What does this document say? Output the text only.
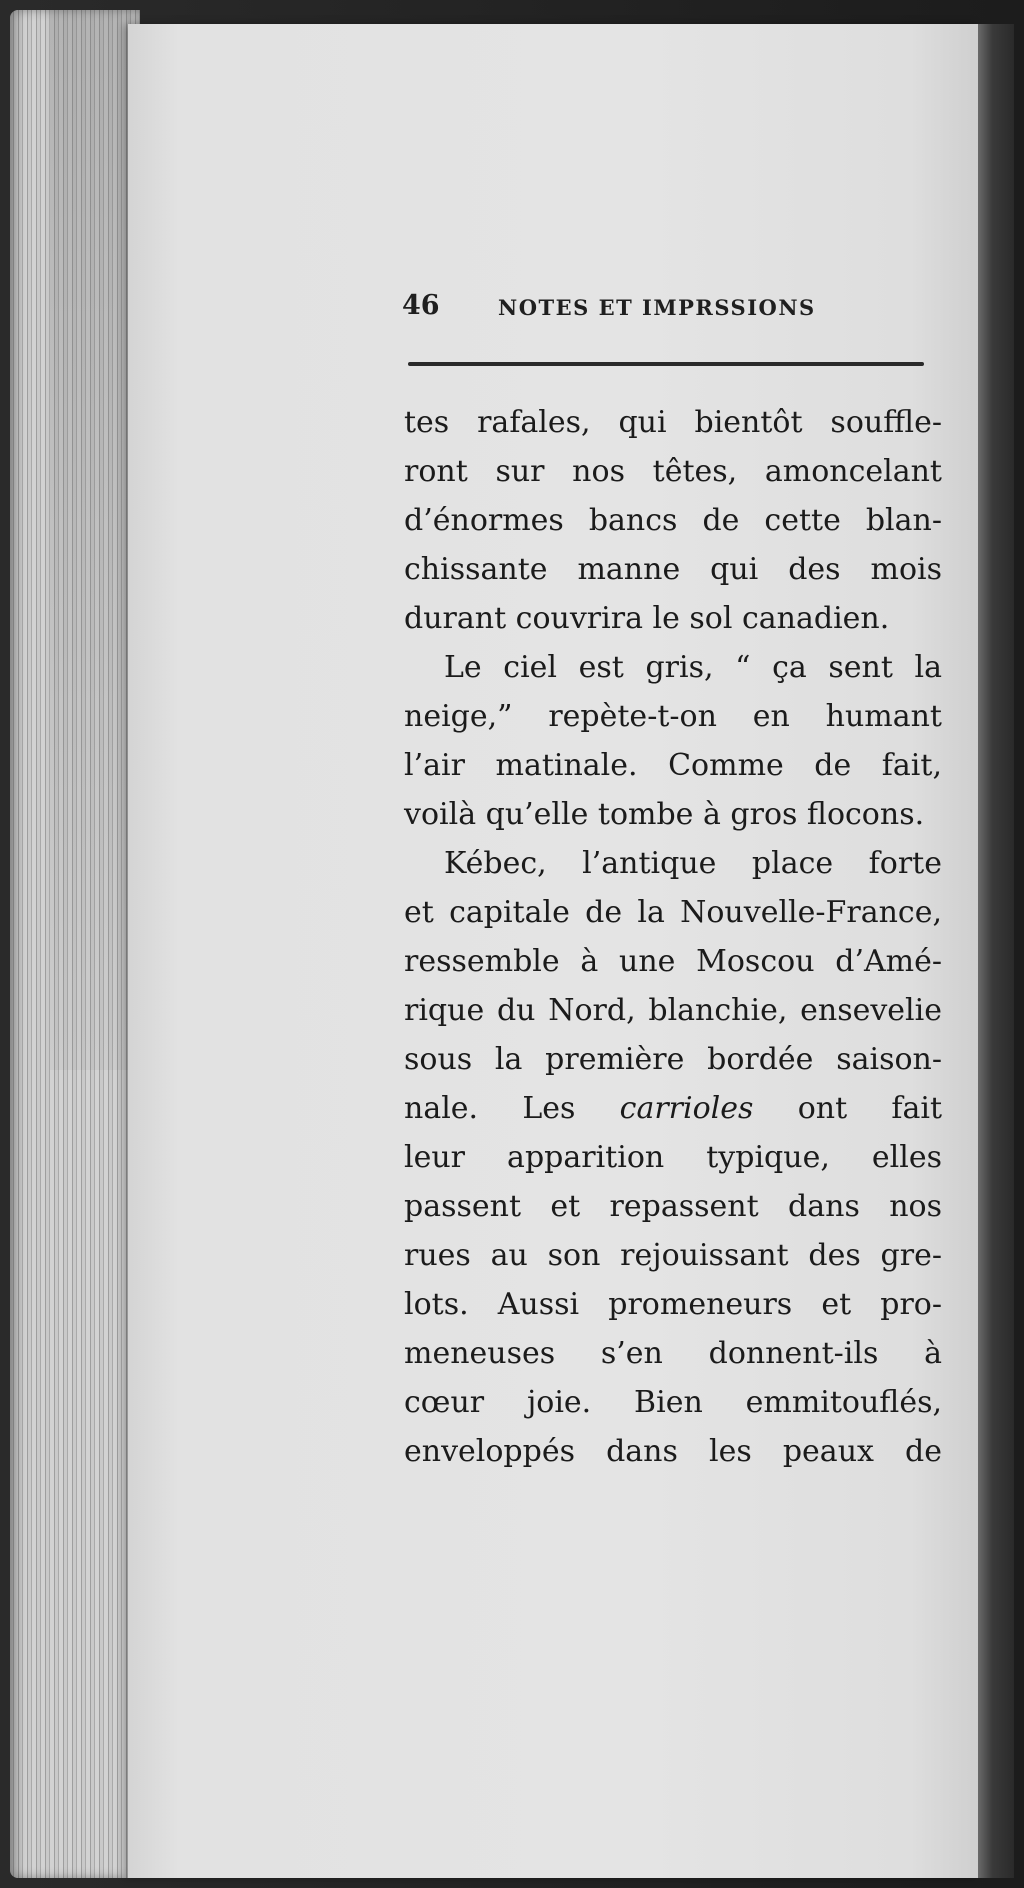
46	NOTES ET IMPRSSIONS
tes rafales, qui bientôt souffle-
ront sur nos têtes, amoncelant
d’énormes bancs de cette blan-
chissante manne qui des mois
durant couvrira le sol canadien.
Le ciel est gris, “ ça sent la
neige,” repète-t-on en humant
l’air matinale. Comme de fait,
voilà qu’elle tombe à gros flocons.
Kébec, l’antique place forte
et capitale de la Nouvelle-France,
ressemble à une Moscou d’Amé-
rique du Nord, blanchie, ensevelie
sous la première bordée saison-
nale. Les carrioles ont fait
leur apparition typique, elles
passent et repassent dans nos
rues au son rejouissant des gre-
lots. Aussi promeneurs et pro-
meneuses s’en donnent-ils à
cœur joie. Bien emmitouflés,
enveloppés dans les peaux de
